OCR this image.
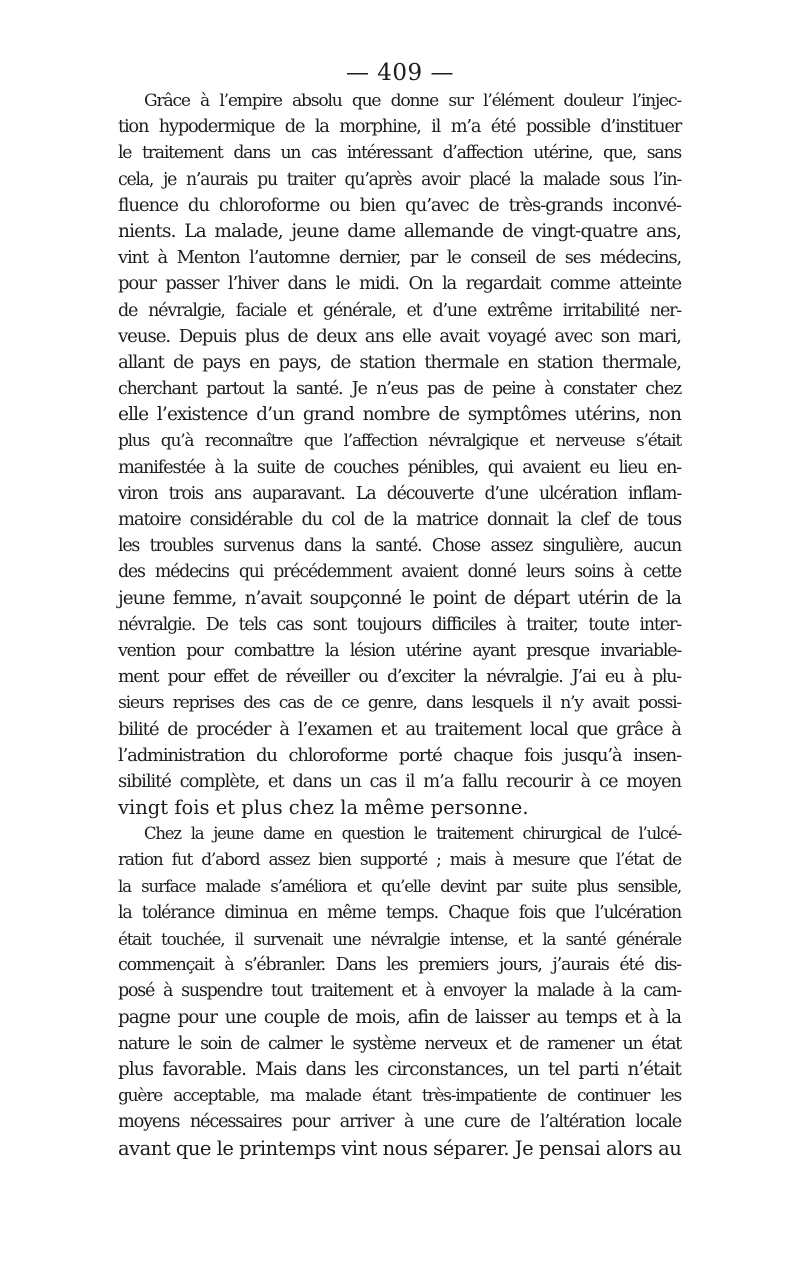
— 409 —
Grâce à l’empire absolu que donne sur l’élément douleur l’injec-
tion hypodermique de la morphine, il m’a été possible d’instituer
le traitement dans un cas intéressant d’affection utérine, que, sans
cela, je n’aurais pu traiter qu’après avoir placé la malade sous l’in-
fluence du chloroforme ou bien qu’avec de très-grands inconvé-
nients. La malade, jeune dame allemande de vingt-quatre ans,
vint à Menton l’automne dernier, par le conseil de ses médecins,
pour passer l’hiver dans le midi. On la regardait comme atteinte
de névralgie, faciale et générale, et d’une extrême irritabilité ner-
veuse. Depuis plus de deux ans elle avait voyagé avec son mari,
allant de pays en pays, de station thermale en station thermale,
cherchant partout la santé. Je n’eus pas de peine à constater chez
elle l’existence d’un grand nombre de symptômes utérins, non
plus qu’à reconnaître que l’affection névralgique et nerveuse s’était
manifestée à la suite de couches pénibles, qui avaient eu lieu en-
viron trois ans auparavant. La découverte d’une ulcération inflam-
matoire considérable du col de la matrice donnait la clef de tous
les troubles survenus dans la santé. Chose assez singulière, aucun
des médecins qui précédemment avaient donné leurs soins à cette
jeune femme, n’avait soupçonné le point de départ utérin de la
névralgie. De tels cas sont toujours difficiles à traiter, toute inter-
vention pour combattre la lésion utérine ayant presque invariable-
ment pour effet de réveiller ou d’exciter la névralgie. J’ai eu à plu-
sieurs reprises des cas de ce genre, dans lesquels il n’y avait possi-
bilité de procéder à l’examen et au traitement local que grâce à
l’administration du chloroforme porté chaque fois jusqu’à insen-
sibilité complète, et dans un cas il m’a fallu recourir à ce moyen
vingt fois et plus chez la même personne.
Chez la jeune dame en question le traitement chirurgical de l’ulcé-
ration fut d’abord assez bien supporté ; mais à mesure que l’état de
la surface malade s’améliora et qu’elle devint par suite plus sensible,
la tolérance diminua en même temps. Chaque fois que l’ulcération
était touchée, il survenait une névralgie intense, et la santé générale
commençait à s’ébranler. Dans les premiers jours, j’aurais été dis-
posé à suspendre tout traitement et à envoyer la malade à la cam-
pagne pour une couple de mois, afin de laisser au temps et à la
nature le soin de calmer le système nerveux et de ramener un état
plus favorable. Mais dans les circonstances, un tel parti n’était
guère acceptable, ma malade étant très-impatiente de continuer les
moyens nécessaires pour arriver à une cure de l’altération locale
avant que le printemps vint nous séparer. Je pensai alors au
